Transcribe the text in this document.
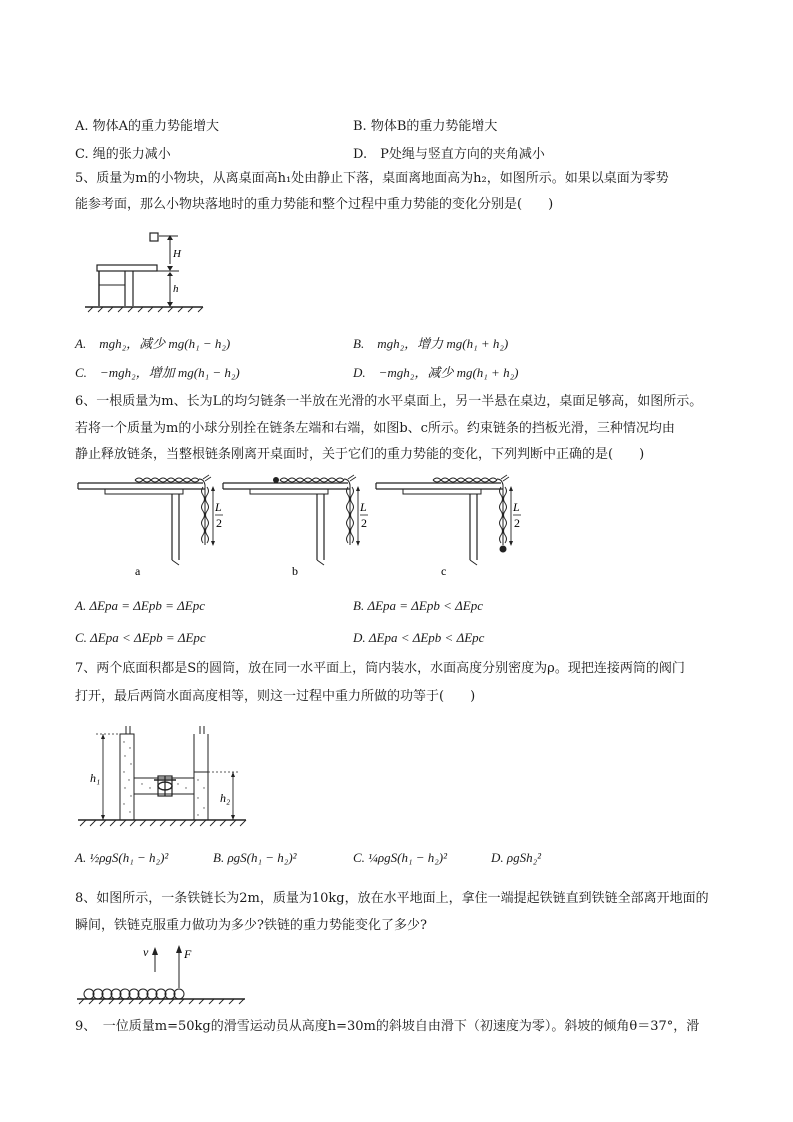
A. 物体A的重力势能增大	B. 物体B的重力势能增大
C. 绳的张力减小	D.　P处绳与竖直方向的夹角减小
5、质量为m的小物块，从离桌面高h₁处由静止下落，桌面离地面高为h₂，如图所示。如果以桌面为零势
能参考面，那么小物块落地时的重力势能和整个过程中重力势能的变化分别是(　　)
H
h
A.　mgh₂，减少 mg(h₁ − h₂)	B.　mgh₂，增力 mg(h₁ + h₂)
C.　−mgh₂，增加 mg(h₁ − h₂)	D.　−mgh₂，减少 mg(h₁ + h₂)
6、一根质量为m、长为L的均匀链条一半放在光滑的水平桌面上，另一半悬在桌边，桌面足够高，如图所示。
若将一个质量为m的小球分别拴在链条左端和右端，如图b、c所示。约束链条的挡板光滑，三种情况均由
静止释放链条，当整根链条刚离开桌面时，关于它们的重力势能的变化，下列判断中正确的是(　　)
L
2
a
L
2
b
L
2
c
A. ΔEpa = ΔEpb = ΔEpc	B. ΔEpa = ΔEpb < ΔEpc
C. ΔEpa < ΔEpb = ΔEpc	D. ΔEpa < ΔEpb < ΔEpc
7、两个底面积都是S的圆筒，放在同一水平面上，筒内装水，水面高度分别密度为ρ。现把连接两筒的阀门
打开，最后两筒水面高度相等，则这一过程中重力所做的功等于(　　)
h₁
h₂
A. ½ρgS(h₁ − h₂)²	B. ρgS(h₁ − h₂)²	C. ¼ρgS(h₁ − h₂)²	D. ρgSh₂²
8、如图所示，一条铁链长为2m，质量为10kg，放在水平地面上，拿住一端提起铁链直到铁链全部离开地面的
瞬间，铁链克服重力做功为多少?铁链的重力势能变化了多少?
v	F
9、　一位质量m=50kg的滑雪运动员从高度h=30m的斜坡自由滑下（初速度为零）。斜坡的倾角θ＝37°，滑
